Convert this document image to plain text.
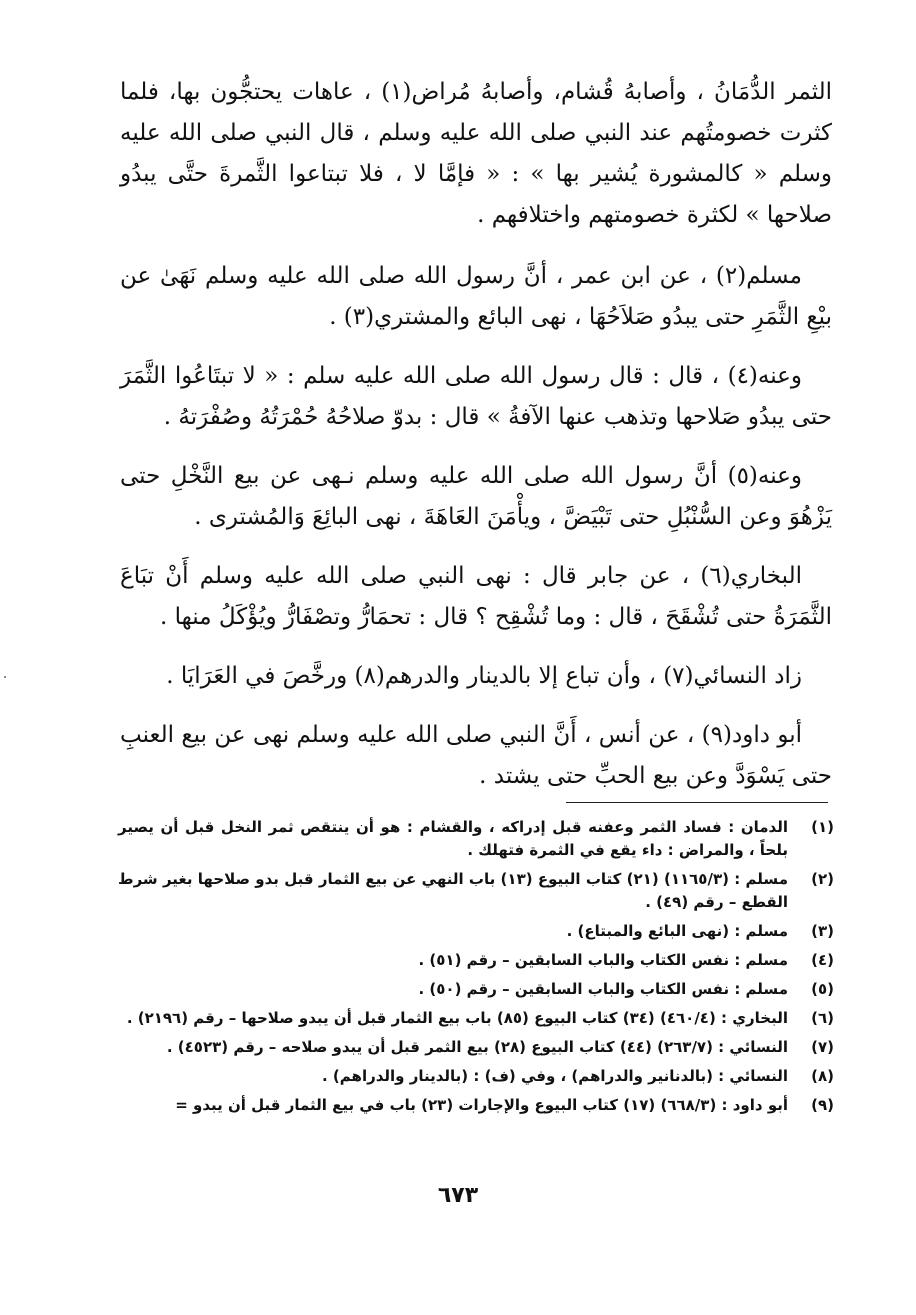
الثمر الدُّمَانُ ، وأصابهُ قُشام، وأصابهُ مُراض(١) ، عاهات يحتجُّون بها، فلما كثرت خصومتُهم عند النبي صلى الله عليه وسلم ، قال النبي صلى الله عليه وسلم « كالمشورة يُشير بها » : « فإمَّا لا ، فلا تبتاعوا الثَّمرةَ حتَّى يبدُو صلاحها » لكثرة خصومتهم واختلافهم .

مسلم(٢) ، عن ابن عمر ، أنَّ رسول الله صلى الله عليه وسلم نَهَىٰ عن بيْعِ الثَّمَرِ حتى يبدُو صَلاَحُهَا ، نهى البائع والمشتري(٣) .

وعنه(٤) ، قال : قال رسول الله صلى الله عليه سلم : « لا تبتَاعُوا الثَّمَرَ حتى يبدُو صَلاحها وتذهب عنها الآفةُ » قال : بدوّ صلاحُهُ حُمْرَتُهُ وصُفْرَتهُ .

وعنه(٥) أنَّ رسول الله صلى الله عليه وسلم نـهى عن بيع النَّخْلِ حتى يَزْهُوَ وعن السُّنْبُلِ حتى تَبْيَضَّ ، ويأْمَنَ العَاهَةَ ، نهى البائِعَ وَالمُشترى .

البخاري(٦) ، عن جابر قال : نهى النبي صلى الله عليه وسلم أَنْ تبَاعَ الثَّمَرَةُ حتى تُشْقَحَ ، قال : وما تُشْقِح ؟ قال : تحمَارُّ وتصْفَارُّ ويُؤْكَلُ منها .

زاد النسائي(٧) ، وأن تباع إلا بالدينار والدرهم(٨) ورخَّصَ في العَرَايَا .

أبو داود(٩) ، عن أنس ، أَنَّ النبي صلى الله عليه وسلم نهى عن بيع العنبِ حتى يَسْوَدَّ وعن بيع الحبِّ حتى يشتد .

(١)
الدمان : فساد الثمر وعفنه قبل إدراكه ، والقشام : هو أن ينتقص ثمر النخل قبل أن يصير بلحاً ، والمراض : داء يقع في الثمرة فتهلك .
(٢)
مسلم : (١١٦٥/٣) (٢١) كتاب البيوع (١٣) باب النهي عن بيع الثمار قبل بدو صلاحها بغير شرط القطع – رقم (٤٩) .
(٣)
مسلم : (نهى البائع والمبتاع) .
(٤)
مسلم : نفس الكتاب والباب السابقين – رقم (٥١) .
(٥)
مسلم : نفس الكتاب والباب السابقين – رقم (٥٠) .
(٦)
البخاري : (٤٦٠/٤) (٣٤) كتاب البيوع (٨٥) باب بيع الثمار قبل أن يبدو صلاحها – رقم (٢١٩٦) .
(٧)
النسائي : (٢٦٣/٧) (٤٤) كتاب البيوع (٢٨) بيع الثمر قبل أن يبدو صلاحه – رقم (٤٥٢٣) .
(٨)
النسائي : (بالدنانير والدراهم) ، وفي (ف) : (بالدينار والدراهم) .
(٩)
أبو داود : (٦٦٨/٣) (١٧) كتاب البيوع والإجارات (٢٣) باب في بيع الثمار قبل أن يبدو =
٦٧٣
